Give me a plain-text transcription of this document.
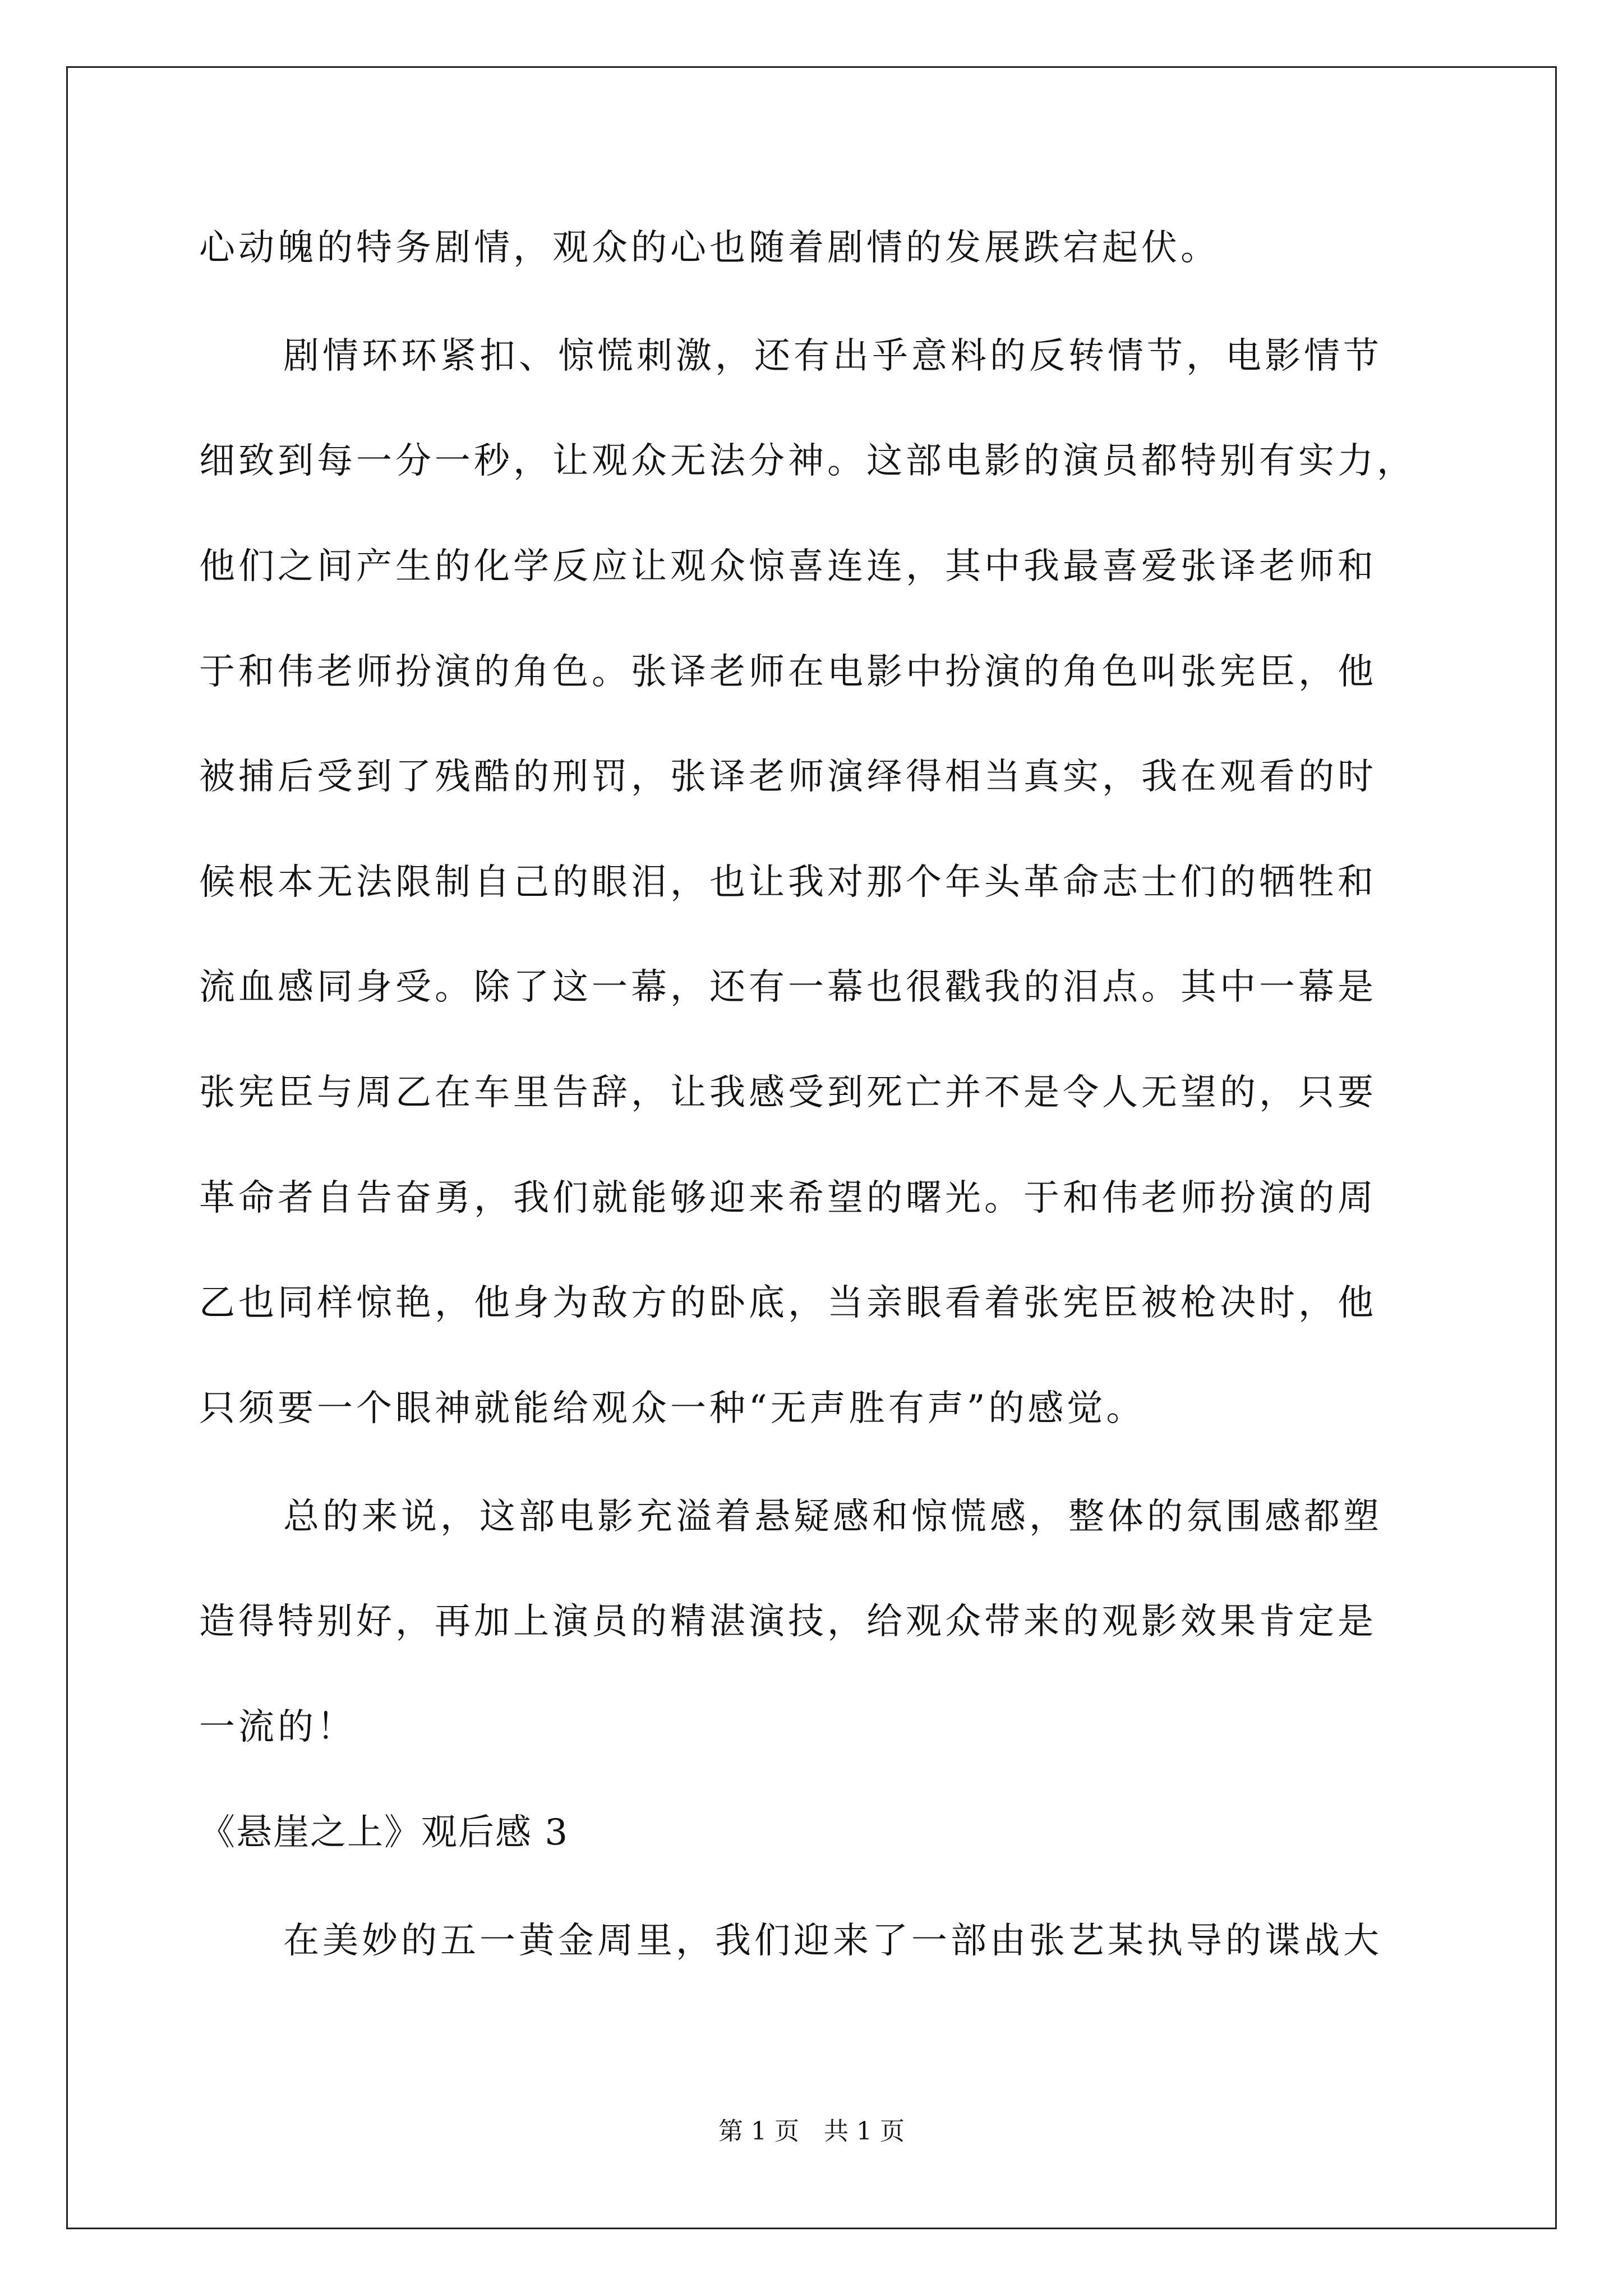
心动魄的特务剧情，观众的心也随着剧情的发展跌宕起伏。

剧情环环紧扣、惊慌刺激，还有出乎意料的反转情节，电影情节

细致到每一分一秒，让观众无法分神。这部电影的演员都特别有实力，

他们之间产生的化学反应让观众惊喜连连，其中我最喜爱张译老师和

于和伟老师扮演的角色。张译老师在电影中扮演的角色叫张宪臣，他

被捕后受到了残酷的刑罚，张译老师演绎得相当真实，我在观看的时

候根本无法限制自己的眼泪，也让我对那个年头革命志士们的牺牲和

流血感同身受。除了这一幕，还有一幕也很戳我的泪点。其中一幕是

张宪臣与周乙在车里告辞，让我感受到死亡并不是令人无望的，只要

革命者自告奋勇，我们就能够迎来希望的曙光。于和伟老师扮演的周

乙也同样惊艳，他身为敌方的卧底，当亲眼看着张宪臣被枪决时，他

只须要一个眼神就能给观众一种“无声胜有声”的感觉。

总的来说，这部电影充溢着悬疑感和惊慌感，整体的氛围感都塑

造得特别好，再加上演员的精湛演技，给观众带来的观影效果肯定是

一流的！

《悬崖之上》观后感 3

在美妙的五一黄金周里，我们迎来了一部由张艺某执导的谍战大

第 1 页　共 1 页
